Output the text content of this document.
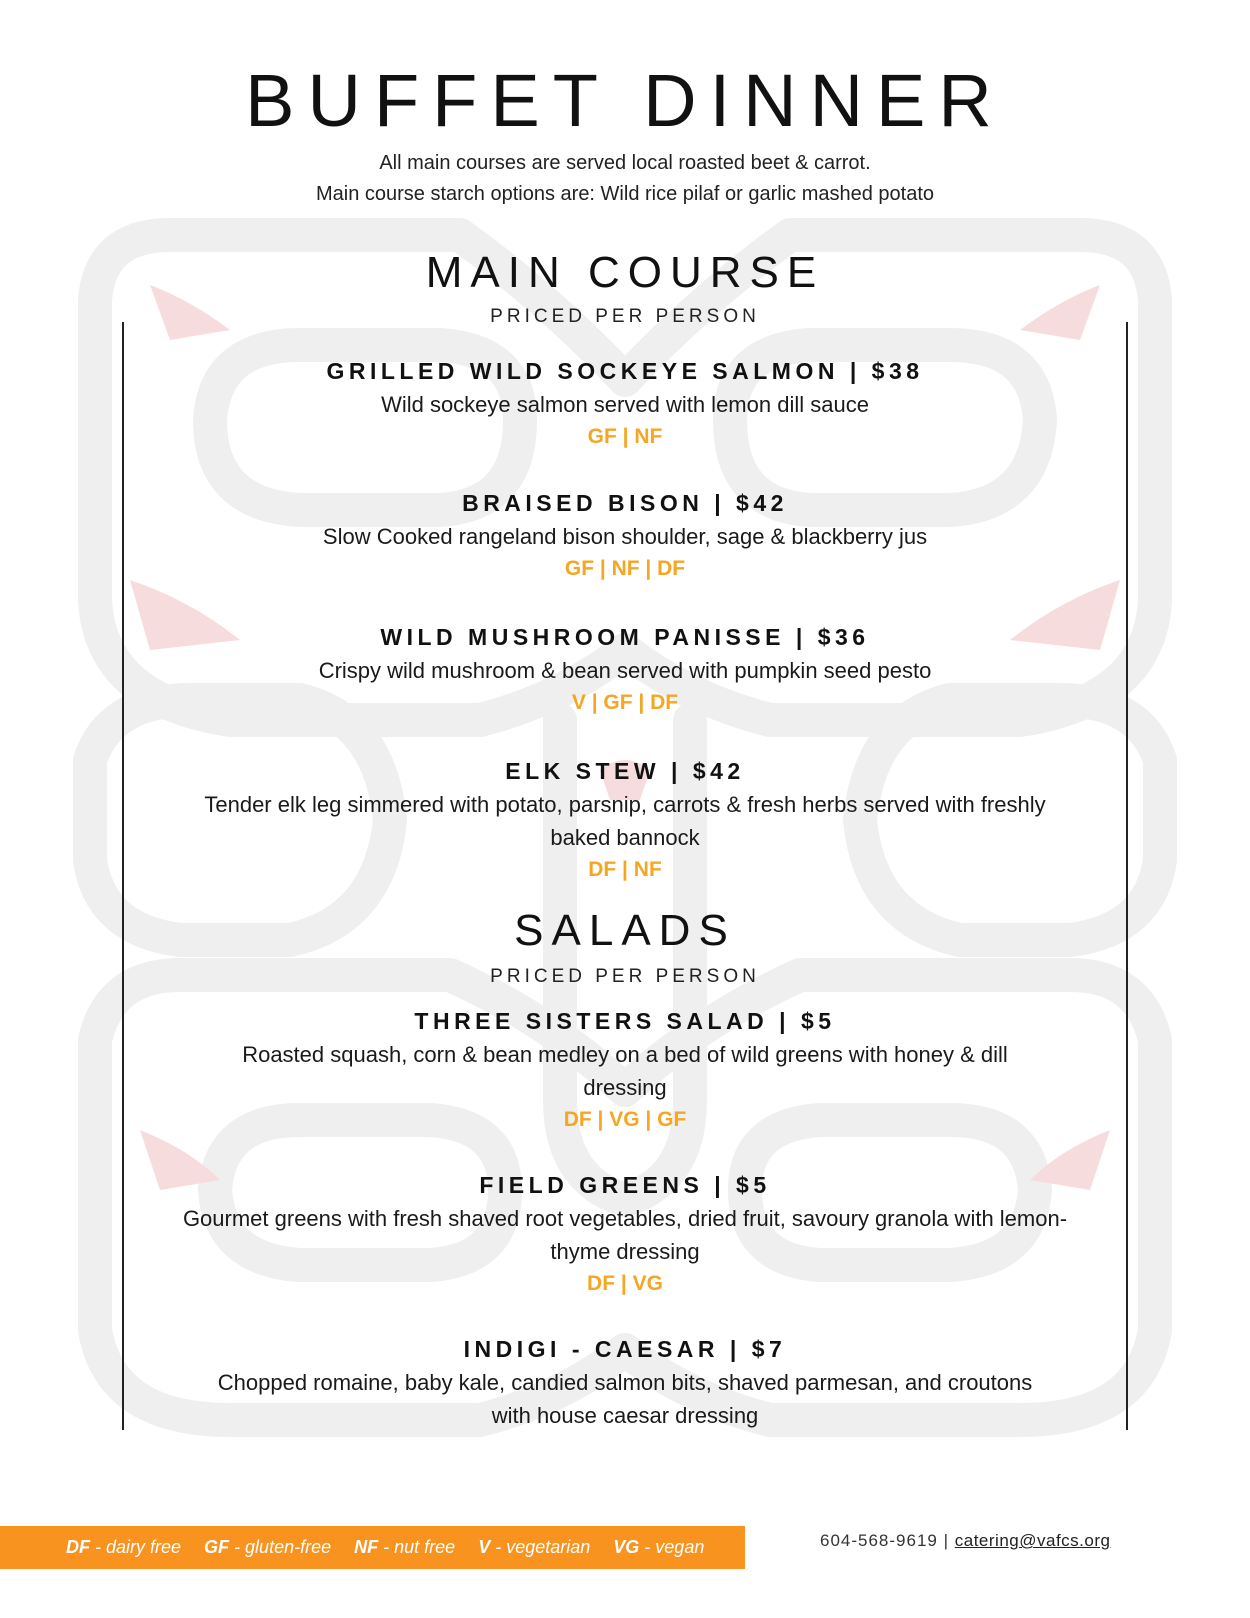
BUFFET DINNER
All main courses are served local roasted beet & carrot.
Main course starch options are: Wild rice pilaf or garlic mashed potato
MAIN COURSE
PRICED PER PERSON
GRILLED WILD SOCKEYE SALMON | $38
Wild sockeye salmon served with lemon dill sauce
GF | NF
BRAISED BISON | $42
Slow Cooked rangeland bison shoulder, sage & blackberry jus
GF | NF | DF
WILD MUSHROOM PANISSE | $36
Crispy wild mushroom & bean served with pumpkin seed pesto
V | GF | DF
ELK STEW | $42
Tender elk leg simmered with potato, parsnip, carrots & fresh herbs served with freshly baked bannock
DF | NF
SALADS
PRICED PER PERSON
THREE SISTERS SALAD | $5
Roasted squash, corn & bean medley on a bed of wild greens with honey & dill dressing
DF | VG | GF
FIELD GREENS | $5
Gourmet greens with fresh shaved root vegetables, dried fruit, savoury granola with lemon-thyme dressing
DF | VG
INDIGI - CAESAR | $7
Chopped romaine, baby kale, candied salmon bits, shaved parmesan, and croutons with house caesar dressing
DF - dairy free GF - gluten-free NF - nut free V - vegetarian VG - vegan	604-568-9619 | catering@vafcs.org
